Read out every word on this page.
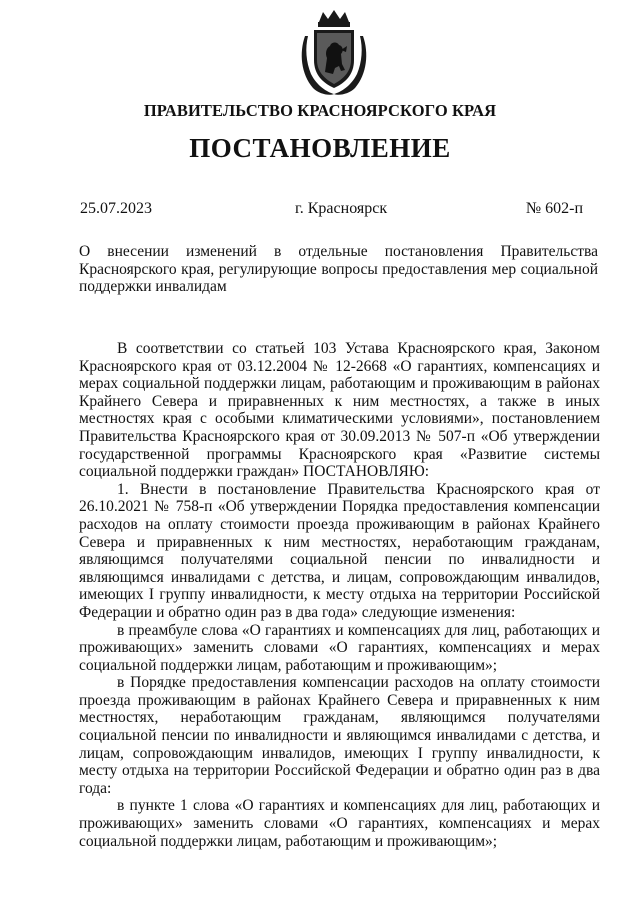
ПРАВИТЕЛЬСТВО КРАСНОЯРСКОГО КРАЯ
ПОСТАНОВЛЕНИЕ
25.07.2023	г. Красноярск	№ 602-п
О внесении изменений в отдельные постановления Правительства Красноярского края, регулирующие вопросы предоставления мер социальной поддержки инвалидам

В соответствии со статьей 103 Устава Красноярского края, Законом Красноярского края от 03.12.2004 № 12-2668 «О гарантиях, компенсациях и мерах социальной поддержки лицам, работающим и проживающим в районах Крайнего Севера и приравненных к ним местностях, а также в иных местностях края с особыми климатическими условиями», постановлением Правительства Красноярского края от 30.09.2013 № 507-п «Об утверждении государственной программы Красноярского края «Развитие системы социальной поддержки граждан» ПОСТАНОВЛЯЮ:

1. Внести в постановление Правительства Красноярского края от 26.10.2021 № 758-п «Об утверждении Порядка предоставления компенсации расходов на оплату стоимости проезда проживающим в районах Крайнего Севера и приравненных к ним местностях, неработающим гражданам, являющимся получателями социальной пенсии по инвалидности и являющимся инвалидами с детства, и лицам, сопровождающим инвалидов, имеющих I группу инвалидности, к месту отдыха на территории Российской Федерации и обратно один раз в два года» следующие изменения:

в преамбуле слова «О гарантиях и компенсациях для лиц, работающих и проживающих» заменить словами «О гарантиях, компенсациях и мерах социальной поддержки лицам, работающим и проживающим»;

в Порядке предоставления компенсации расходов на оплату стоимости проезда проживающим в районах Крайнего Севера и приравненных к ним местностях, неработающим гражданам, являющимся получателями социальной пенсии по инвалидности и являющимся инвалидами с детства, и лицам, сопровождающим инвалидов, имеющих I группу инвалидности, к месту отдыха на территории Российской Федерации и обратно один раз в два года:

в пункте 1 слова «О гарантиях и компенсациях для лиц, работающих и проживающих» заменить словами «О гарантиях, компенсациях и мерах социальной поддержки лицам, работающим и проживающим»;
